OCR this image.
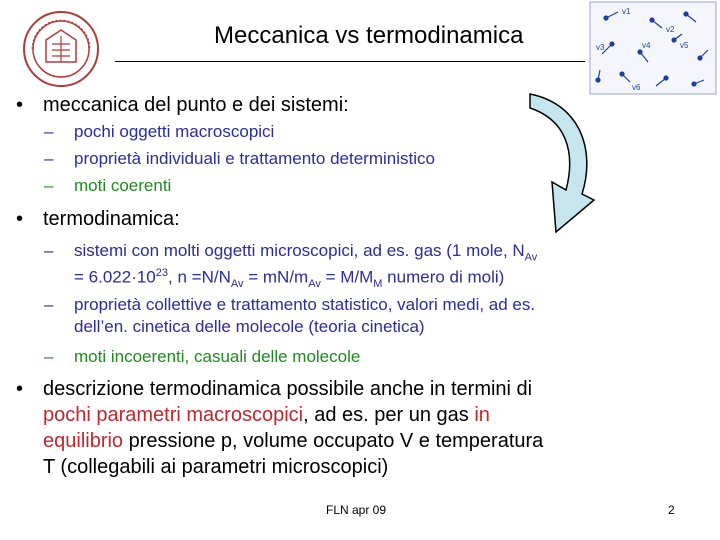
Meccanica vs termodinamica
v1
v2
v3	v4	v5
v6
• meccanica del punto e dei sistemi:
– pochi oggetti macroscopici
– proprietà individuali e trattamento deterministico
– moti coerenti
• termodinamica:
– sistemi con molti oggetti microscopici, ad es. gas (1 mole, $N_{Av}$
= $6.022\cdot 10^{23}$, $n =N/N_{Av} = mN/m_{Av} = M/M_M$ numero di moli)
– proprietà collettive e trattamento statistico, valori medi, ad es.
dell’en. cinetica delle molecole (teoria cinetica)
– moti incoerenti, casuali delle molecole
• descrizione termodinamica possibile anche in termini di
pochi parametri macroscopici, ad es. per un gas in
equilibrio pressione p, volume occupato V e temperatura
T (collegabili ai parametri microscopici)
FLN apr 09	2
